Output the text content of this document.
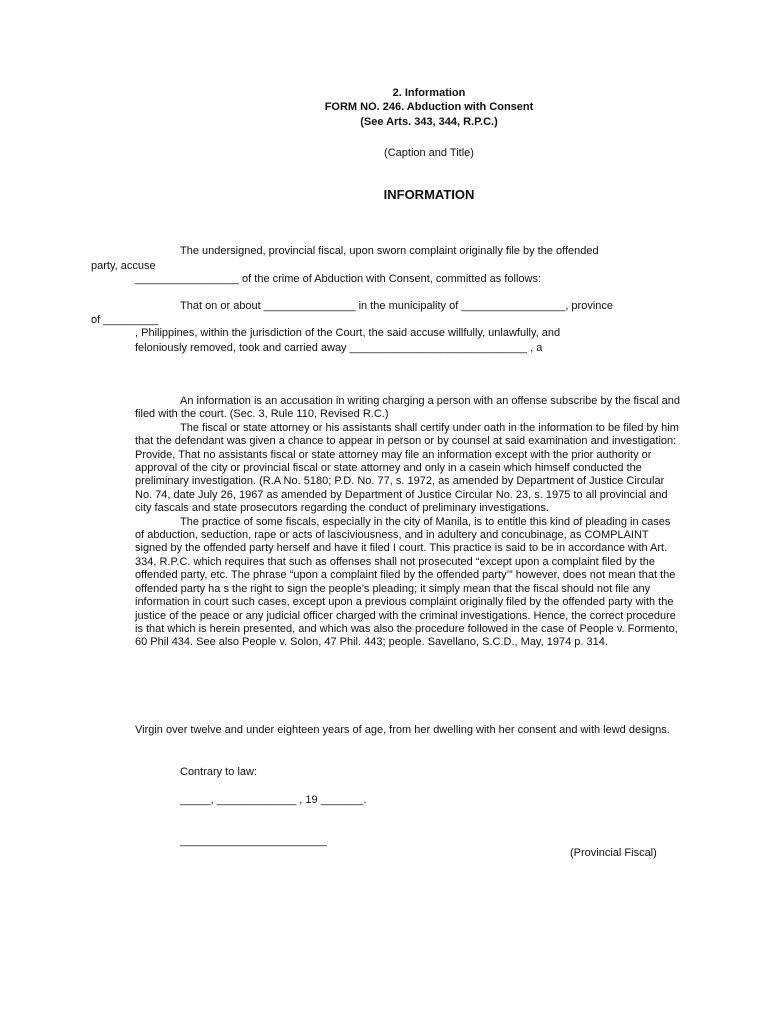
2. Information
FORM NO. 246. Abduction with Consent
(See Arts. 343, 344, R.P.C.)
(Caption and Title)
INFORMATION
The undersigned, provincial fiscal, upon sworn complaint originally file by the offended
party, accuse
_________________ of the crime of Abduction with Consent, committed as follows:
That on or about _______________ in the municipality of _________________, province
of _________
, Philippines, within the jurisdiction of the Court, the said accuse willfully, unlawfully, and
feloniously removed, took and carried away _____________________________ , a

An information is an accusation in writing charging a person with an offense subscribe by the fiscal and filed with the court. (Sec. 3, Rule 110, Revised R.C.)

The fiscal or state attorney or his assistants shall certify under oath in the information to be filed by him that the defendant was given a chance to appear in person or by counsel at said examination and investigation: Provide, That no assistants fiscal or state attorney may file an information except with the prior authority or approval of the city or provincial fiscal or state attorney and only in a casein which himself conducted the preliminary investigation. (R.A No. 5180; P.D. No. 77, s. 1972, as amended by Department of Justice Circular No. 74, date July 26, 1967 as amended by Department of Justice Circular No. 23, s. 1975 to all provincial and city fascals and state prosecutors regarding the conduct of preliminary investigations.

The practice of some fiscals, especially in the city of Manila, is to entitle this kind of pleading in cases of abduction, seduction, rape or acts of lasciviousness, and in adultery and concubinage, as COMPLAINT signed by the offended party herself and have it filed I court. This practice is said to be in accordance with Art. 334, R.P.C. which requires that such as offenses shall not prosecuted “except upon a complaint filed by the offended party, etc. The phrase “upon a complaint filed by the offended party’” however, does not mean that the offended party ha s the right to sign the people’s pleading; it simply mean that the fiscal should not file any information in court such cases, except upon a previous complaint originally filed by the offended party with the justice of the peace or any judicial officer charged with the criminal investigations. Hence, the correct procedure is that which is herein presented, and which was also the procedure followed in the case of People v. Formento, 60 Phil 434. See also People v. Solon, 47 Phil. 443; people. Savellano, S.C.D., May, 1974 p. 314.

Virgin over twelve and under eighteen years of age, from her dwelling with her consent and with lewd designs.
Contrary to law:
_____, _____________ , 19 _______.
________________________
(Provincial Fiscal)
